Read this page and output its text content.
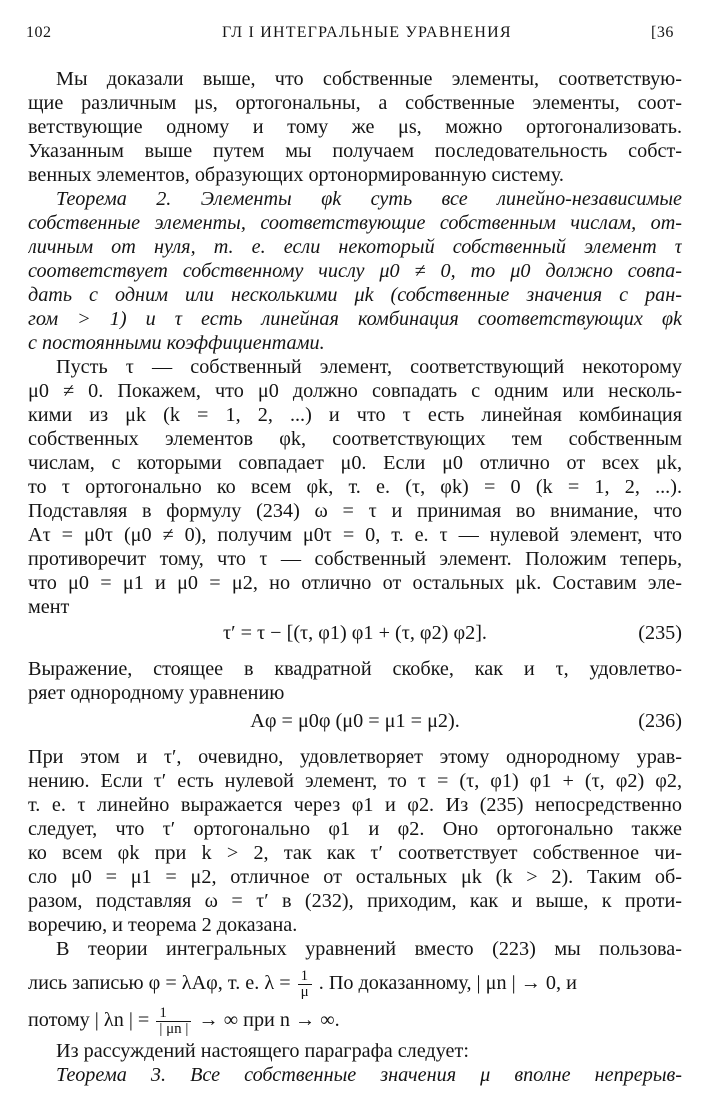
102	ГЛ I ИНТЕГРАЛЬНЫЕ УРАВНЕНИЯ	[36
Мы доказали выше, что собственные элементы, соответствую-
щие различным μs, ортогональны, а собственные элементы, соот-
ветствующие одному и тому же μs, можно ортогонализовать.
Указанным выше путем мы получаем последовательность собст-
венных элементов, образующих ортонормированную систему.
Теорема 2. Элементы φk суть все линейно-независимые
собственные элементы, соответствующие собственным числам, от-
личным от нуля, т. е. если некоторый собственный элемент τ
соответствует собственному числу μ0 ≠ 0, то μ0 должно совпа-
дать с одним или несколькими μk (собственные значения с ран-
гом > 1) и τ есть линейная комбинация соответствующих φk
с постоянными коэффициентами.
Пусть τ — собственный элемент, соответствующий некоторому
μ0 ≠ 0. Покажем, что μ0 должно совпадать с одним или несколь-
кими из μk (k = 1, 2, ...) и что τ есть линейная комбинация
собственных элементов φk, соответствующих тем собственным
числам, с которыми совпадает μ0. Если μ0 отлично от всех μk,
то τ ортогонально ко всем φk, т. е. (τ, φk) = 0 (k = 1, 2, ...).
Подставляя в формулу (234) ω = τ и принимая во внимание, что
Aτ = μ0τ (μ0 ≠ 0), получим μ0τ = 0, т. е. τ — нулевой элемент, что
противоречит тому, что τ — собственный элемент. Положим теперь,
что μ0 = μ1 и μ0 = μ2, но отлично от остальных μk. Составим эле-
мент
τ′ = τ − [(τ, φ1) φ1 + (τ, φ2) φ2].	(235)
Выражение, стоящее в квадратной скобке, как и τ, удовлетво-
ряет однородному уравнению
Aφ = μ0φ (μ0 = μ1 = μ2).	(236)
При этом и τ′, очевидно, удовлетворяет этому однородному урав-
нению. Если τ′ есть нулевой элемент, то τ = (τ, φ1) φ1 + (τ, φ2) φ2,
т. е. τ линейно выражается через φ1 и φ2. Из (235) непосредственно
следует, что τ′ ортогонально φ1 и φ2. Оно ортогонально также
ко всем φk при k > 2, так как τ′ соответствует собственное чи-
сло μ0 = μ1 = μ2, отличное от остальных μk (k > 2). Таким об-
разом, подставляя ω = τ′ в (232), приходим, как и выше, к проти-
воречию, и теорема 2 доказана.
В теории интегральных уравнений вместо (223) мы пользова-
лись записью φ = λAφ, т. е. $\lambda = \frac{1}{\mu}$ . По доказанному, | μn | → 0, и
потому | λn | = $\frac{1}{| \mu n |}$ → ∞ при n → ∞.
Из рассуждений настоящего параграфа следует:
Теорема 3. Все собственные значения μ вполне непрерыв-
